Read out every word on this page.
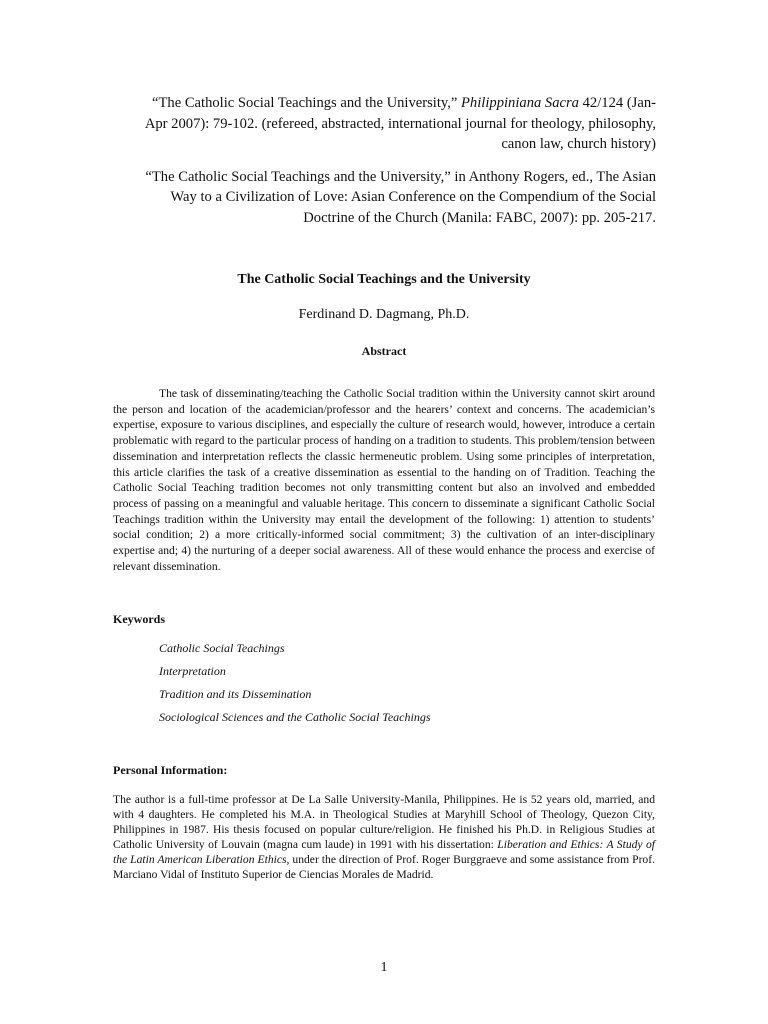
“The Catholic Social Teachings and the University,” Philippiniana Sacra 42/124 (Jan-Apr 2007): 79-102. (refereed, abstracted, international journal for theology, philosophy, canon law, church history)

“The Catholic Social Teachings and the University,” in Anthony Rogers, ed., The Asian Way to a Civilization of Love: Asian Conference on the Compendium of the Social Doctrine of the Church (Manila: FABC, 2007): pp. 205-217.

The Catholic Social Teachings and the University
Ferdinand D. Dagmang, Ph.D.
Abstract

The task of disseminating/teaching the Catholic Social tradition within the University cannot skirt around the person and location of the academician/professor and the hearers’ context and concerns. The academician’s expertise, exposure to various disciplines, and especially the culture of research would, however, introduce a certain problematic with regard to the particular process of handing on a tradition to students. This problem/tension between dissemination and interpretation reflects the classic hermeneutic problem. Using some principles of interpretation, this article clarifies the task of a creative dissemination as essential to the handing on of Tradition. Teaching the Catholic Social Teaching tradition becomes not only transmitting content but also an involved and embedded process of passing on a meaningful and valuable heritage. This concern to disseminate a significant Catholic Social Teachings tradition within the University may entail the development of the following: 1) attention to students’ social condition; 2) a more critically-informed social commitment; 3) the cultivation of an inter-disciplinary expertise and; 4) the nurturing of a deeper social awareness. All of these would enhance the process and exercise of relevant dissemination.

Keywords
Catholic Social Teachings
Interpretation
Tradition and its Dissemination
Sociological Sciences and the Catholic Social Teachings
Personal Information:

The author is a full-time professor at De La Salle University-Manila, Philippines. He is 52 years old, married, and with 4 daughters. He completed his M.A. in Theological Studies at Maryhill School of Theology, Quezon City, Philippines in 1987. His thesis focused on popular culture/religion. He finished his Ph.D. in Religious Studies at Catholic University of Louvain (magna cum laude) in 1991 with his dissertation: Liberation and Ethics: A Study of the Latin American Liberation Ethics, under the direction of Prof. Roger Burggraeve and some assistance from Prof. Marciano Vidal of Instituto Superior de Ciencias Morales de Madrid.

1
